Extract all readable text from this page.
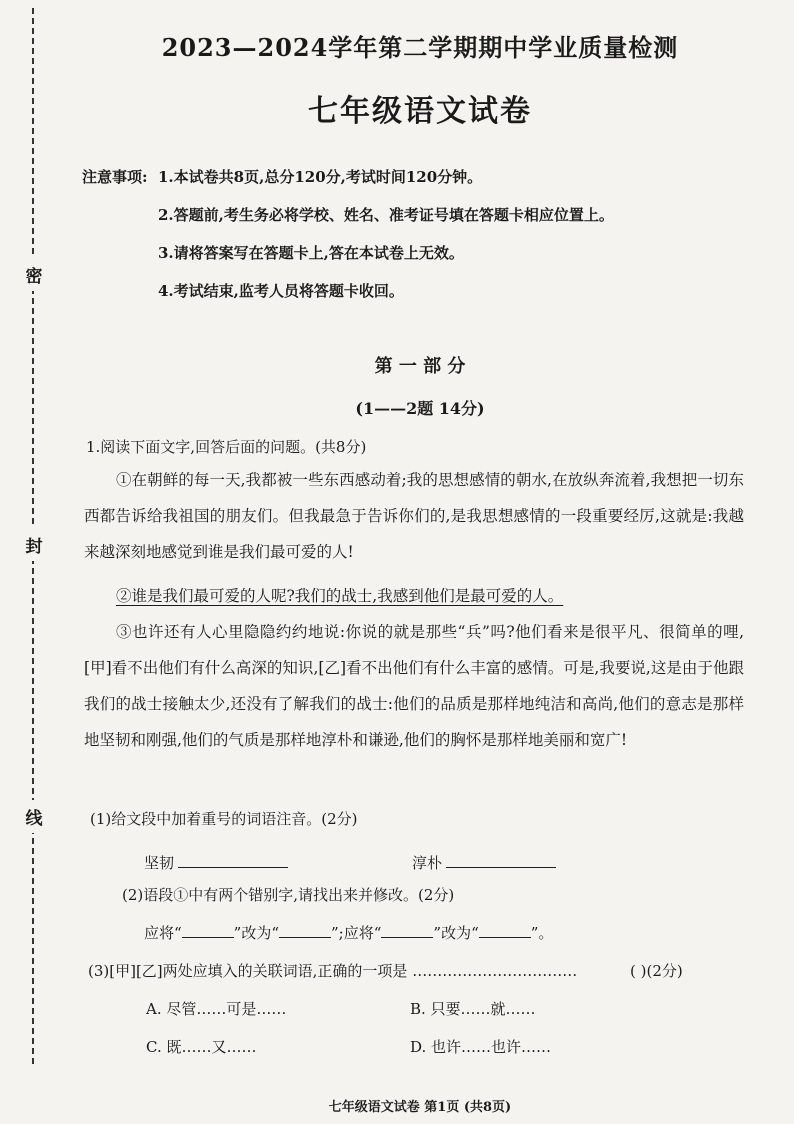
密
封
线
2023—2024学年第二学期期中学业质量检测
七年级语文试卷
注意事项: 1.本试卷共8页,总分120分,考试时间120分钟。
2.答题前,考生务必将学校、姓名、准考证号填在答题卡相应位置上。
3.请将答案写在答题卡上,答在本试卷上无效。
4.考试结束,监考人员将答题卡收回。
第 一 部 分
(1——2题 14分)
1.阅读下面文字,回答后面的问题。(共8分)
①在朝鲜的每一天,我都被一些东西感动着;我的思想感情的朝水,在放纵奔流着,我想把一切东西都告诉给我祖国的朋友们。但我最急于告诉你们的,是我思想感情的一段重要经厉,这就是:我越来越深刻地感觉到谁是我们最可爱的人!
②谁是我们最可爱的人呢?我们的战士,我感到他们是最可爱的人。
③也许还有人心里隐隐约约地说:你说的就是那些“兵”吗?他们看来是很平凡、很简单的哩,[甲]看不出他们有什么高深的知识,[乙]看不出他们有什么丰富的感情。可是,我要说,这是由于他跟我们的战士接触太少,还没有了解我们的战士:他们的品质是那样地纯洁和高尚,他们的意志是那样地坚韧和刚强,他们的气质是那样地淳朴和谦逊,他们的胸怀是那样地美丽和宽广!
(1)给文段中加着重号的词语注音。(2分)
坚韧	淳朴
(2)语段①中有两个错别字,请找出来并修改。(2分)
应将“	”改为“	”;应将“	”改为“	”。
(3)[甲][乙]两处应填入的关联词语,正确的一项是 ……………………………	( )(2分)
A. 尽管……可是……	B. 只要……就……
C. 既……又……	D. 也许……也许……
七年级语文试卷 第1页 (共8页)
